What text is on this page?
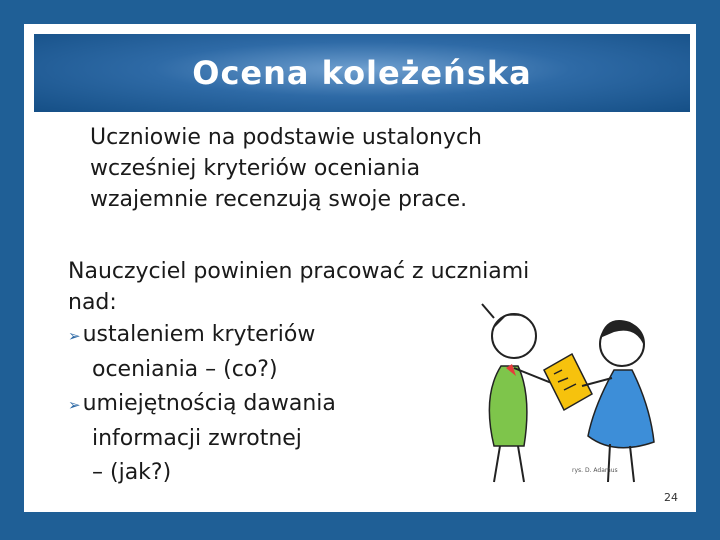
Ocena koleżeńska
Uczniowie na podstawie ustalonych
wcześniej kryteriów oceniania
wzajemnie recenzują swoje prace.
Nauczyciel powinien pracować z uczniami
nad:
➢ustaleniem kryteriów
oceniania – (co?)
➢umiejętnością dawania
informacji zwrotnej
– (jak?)	rys. D. Adamus
24
